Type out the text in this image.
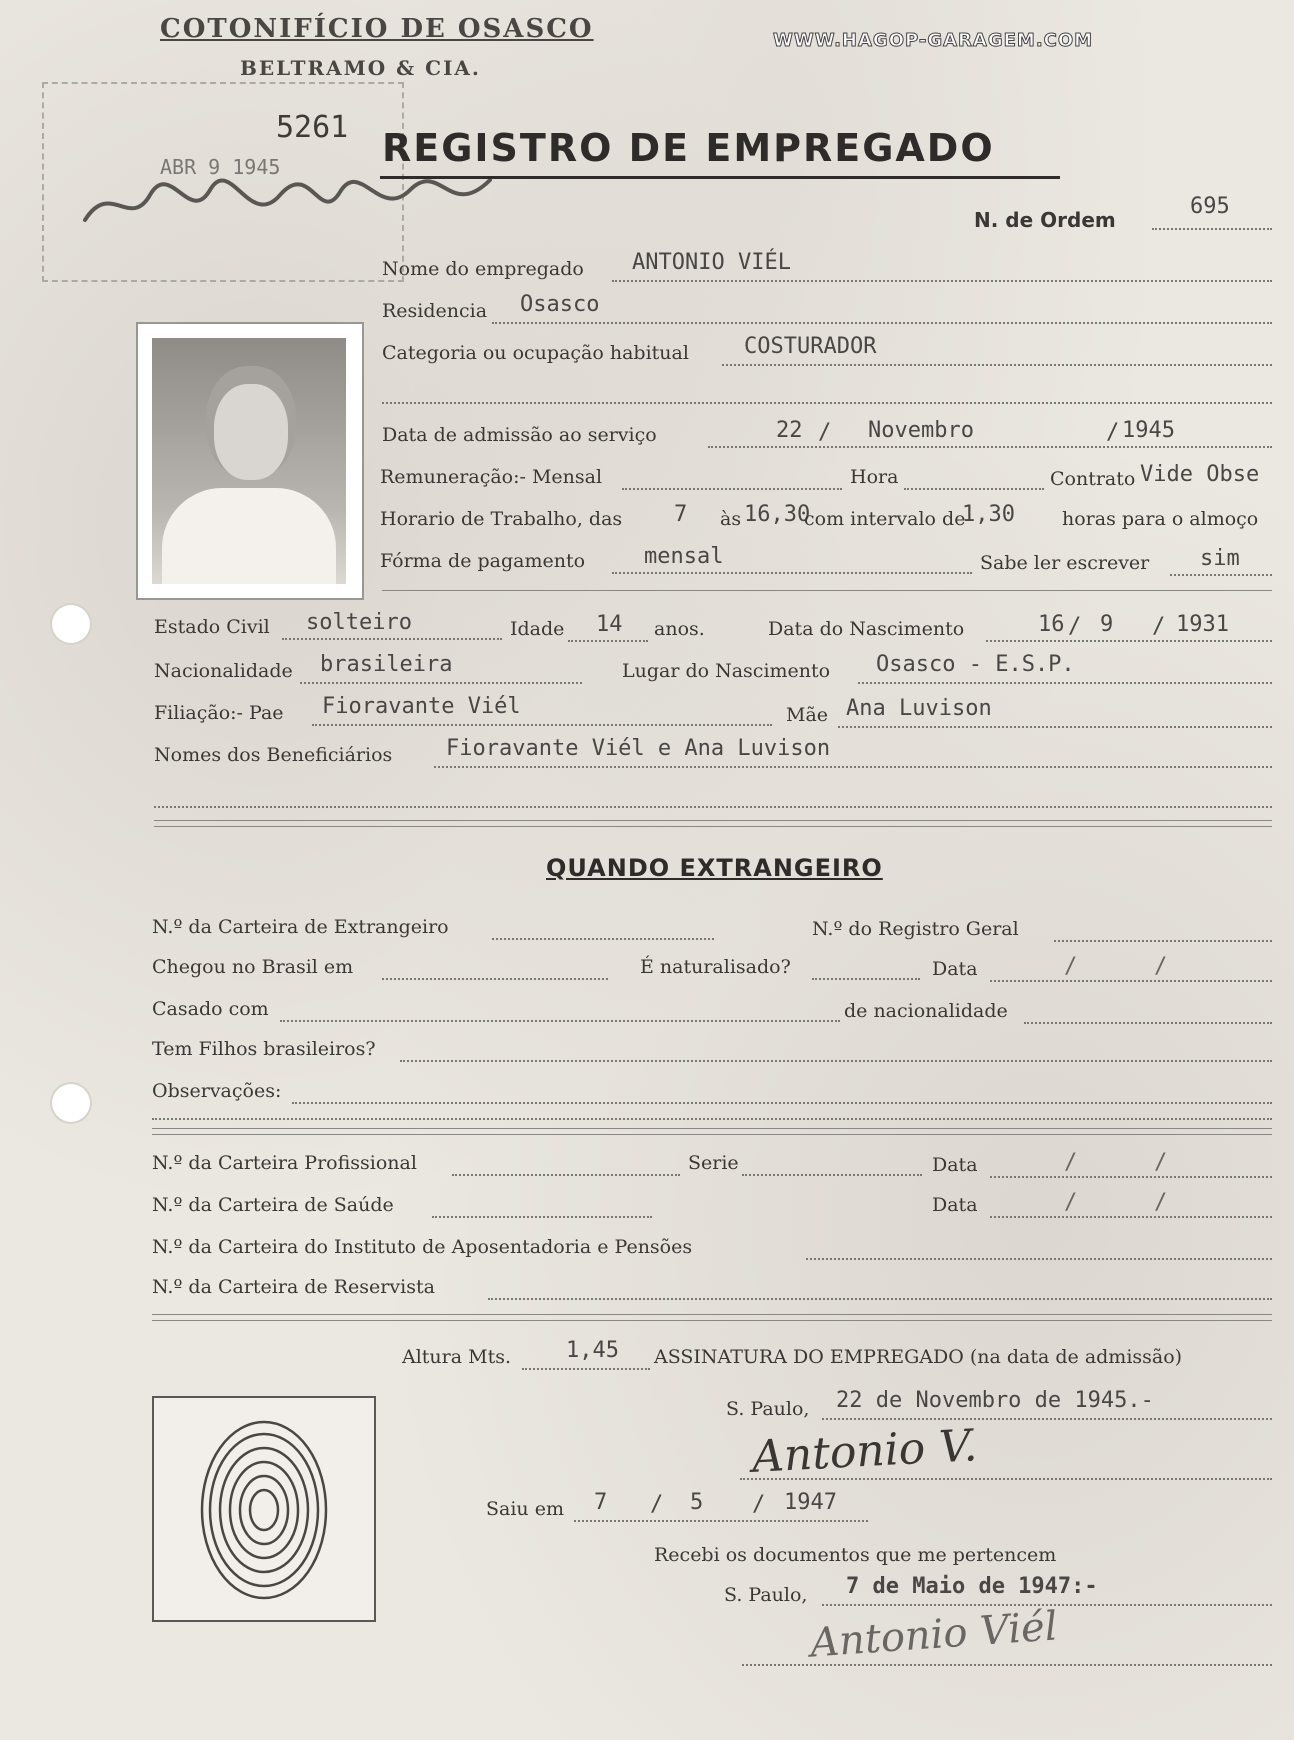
COTONIFÍCIO DE OSASCO
BELTRAMO & CIA.
WWW.HAGOP-GARAGEM.COM
5261
ABR 9 1945	REGISTRO DE EMPREGADO
N. de Ordem
695
Nome do empregado ANTONIO VIÉL
Residencia Osasco
Categoria ou ocupação habitual	COSTURADOR
Data de admissão ao serviço	22 / Novembro	/ 1945
Remuneração:- Mensal	Hora	Contrato Vide Obse
Horario de Trabalho, das 7 às 16,30
com intervalo de
1,30 horas para o almoço
Fórma de pagamento	mensal	Sabe ler escrever sim
Estado Civil solteiro	Idade 14 anos.	Data do Nascimento	16 / 9 / 1931
Nacionalidade brasileira	Lugar do Nascimento Osasco - E.S.P.
Filiação:- Pae Fioravante Viél	Mãe Ana Luvison
Nomes dos Beneficiários Fioravante Viél e Ana Luvison
QUANDO EXTRANGEIRO
N.º da Carteira de Extrangeiro	N.º do Registro Geral
Chegou no Brasil em	É naturalisado?	Data	/	/
Casado com	de nacionalidade
Tem Filhos brasileiros?
Observações:
N.º da Carteira Profissional	Serie	Data	/	/
N.º da Carteira de Saúde	Data	/	/
N.º da Carteira do Instituto de Aposentadoria e Pensões
N.º da Carteira de Reservista
Altura Mts.	1,45 ASSINATURA DO EMPREGADO (na data de admissão)
S. Paulo, 22 de Novembro de 1945.-
Antonio V.
Saiu em 7 / 5 / 1947
Recebi os documentos que me pertencem
S. Paulo, 7 de Maio de 1947:-
Antonio Viél
